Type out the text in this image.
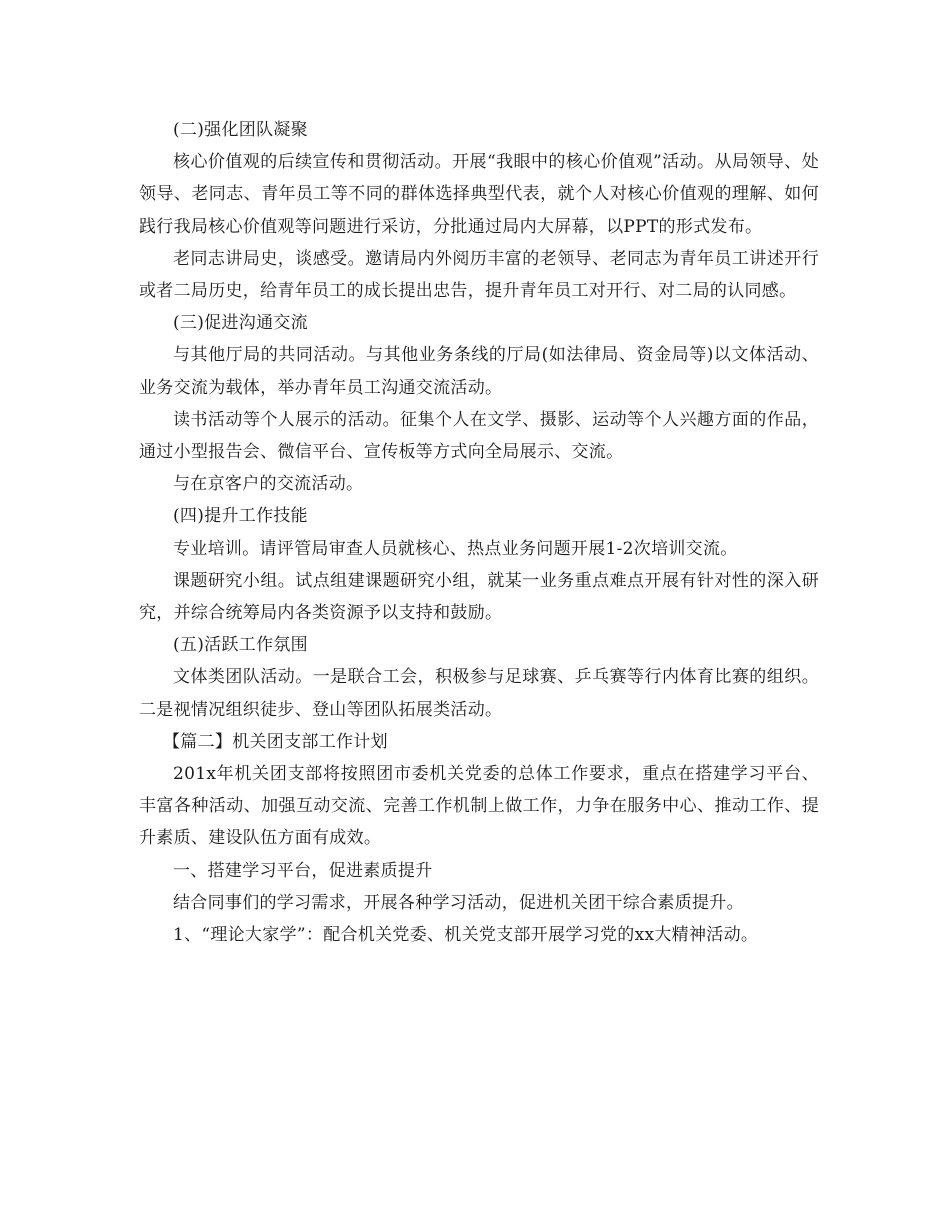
(二)强化团队凝聚

核心价值观的后续宣传和贯彻活动。开展“我眼中的核心价值观”活动。从局领导、处领导、老同志、青年员工等不同的群体选择典型代表，就个人对核心价值观的理解、如何践行我局核心价值观等问题进行采访，分批通过局内大屏幕，以PPT的形式发布。

老同志讲局史，谈感受。邀请局内外阅历丰富的老领导、老同志为青年员工讲述开行或者二局历史，给青年员工的成长提出忠告，提升青年员工对开行、对二局的认同感。

(三)促进沟通交流

与其他厅局的共同活动。与其他业务条线的厅局(如法律局、资金局等)以文体活动、业务交流为载体，举办青年员工沟通交流活动。

读书活动等个人展示的活动。征集个人在文学、摄影、运动等个人兴趣方面的作品，通过小型报告会、微信平台、宣传板等方式向全局展示、交流。

与在京客户的交流活动。

(四)提升工作技能

专业培训。请评管局审查人员就核心、热点业务问题开展1-2次培训交流。

课题研究小组。试点组建课题研究小组，就某一业务重点难点开展有针对性的深入研究，并综合统筹局内各类资源予以支持和鼓励。

(五)活跃工作氛围

文体类团队活动。一是联合工会，积极参与足球赛、乒乓赛等行内体育比赛的组织。二是视情况组织徒步、登山等团队拓展类活动。

【篇二】机关团支部工作计划

201x年机关团支部将按照团市委机关党委的总体工作要求，重点在搭建学习平台、丰富各种活动、加强互动交流、完善工作机制上做工作，力争在服务中心、推动工作、提升素质、建设队伍方面有成效。

一、搭建学习平台，促进素质提升

结合同事们的学习需求，开展各种学习活动，促进机关团干综合素质提升。

1、“理论大家学”：配合机关党委、机关党支部开展学习党的xx大精神活动。
